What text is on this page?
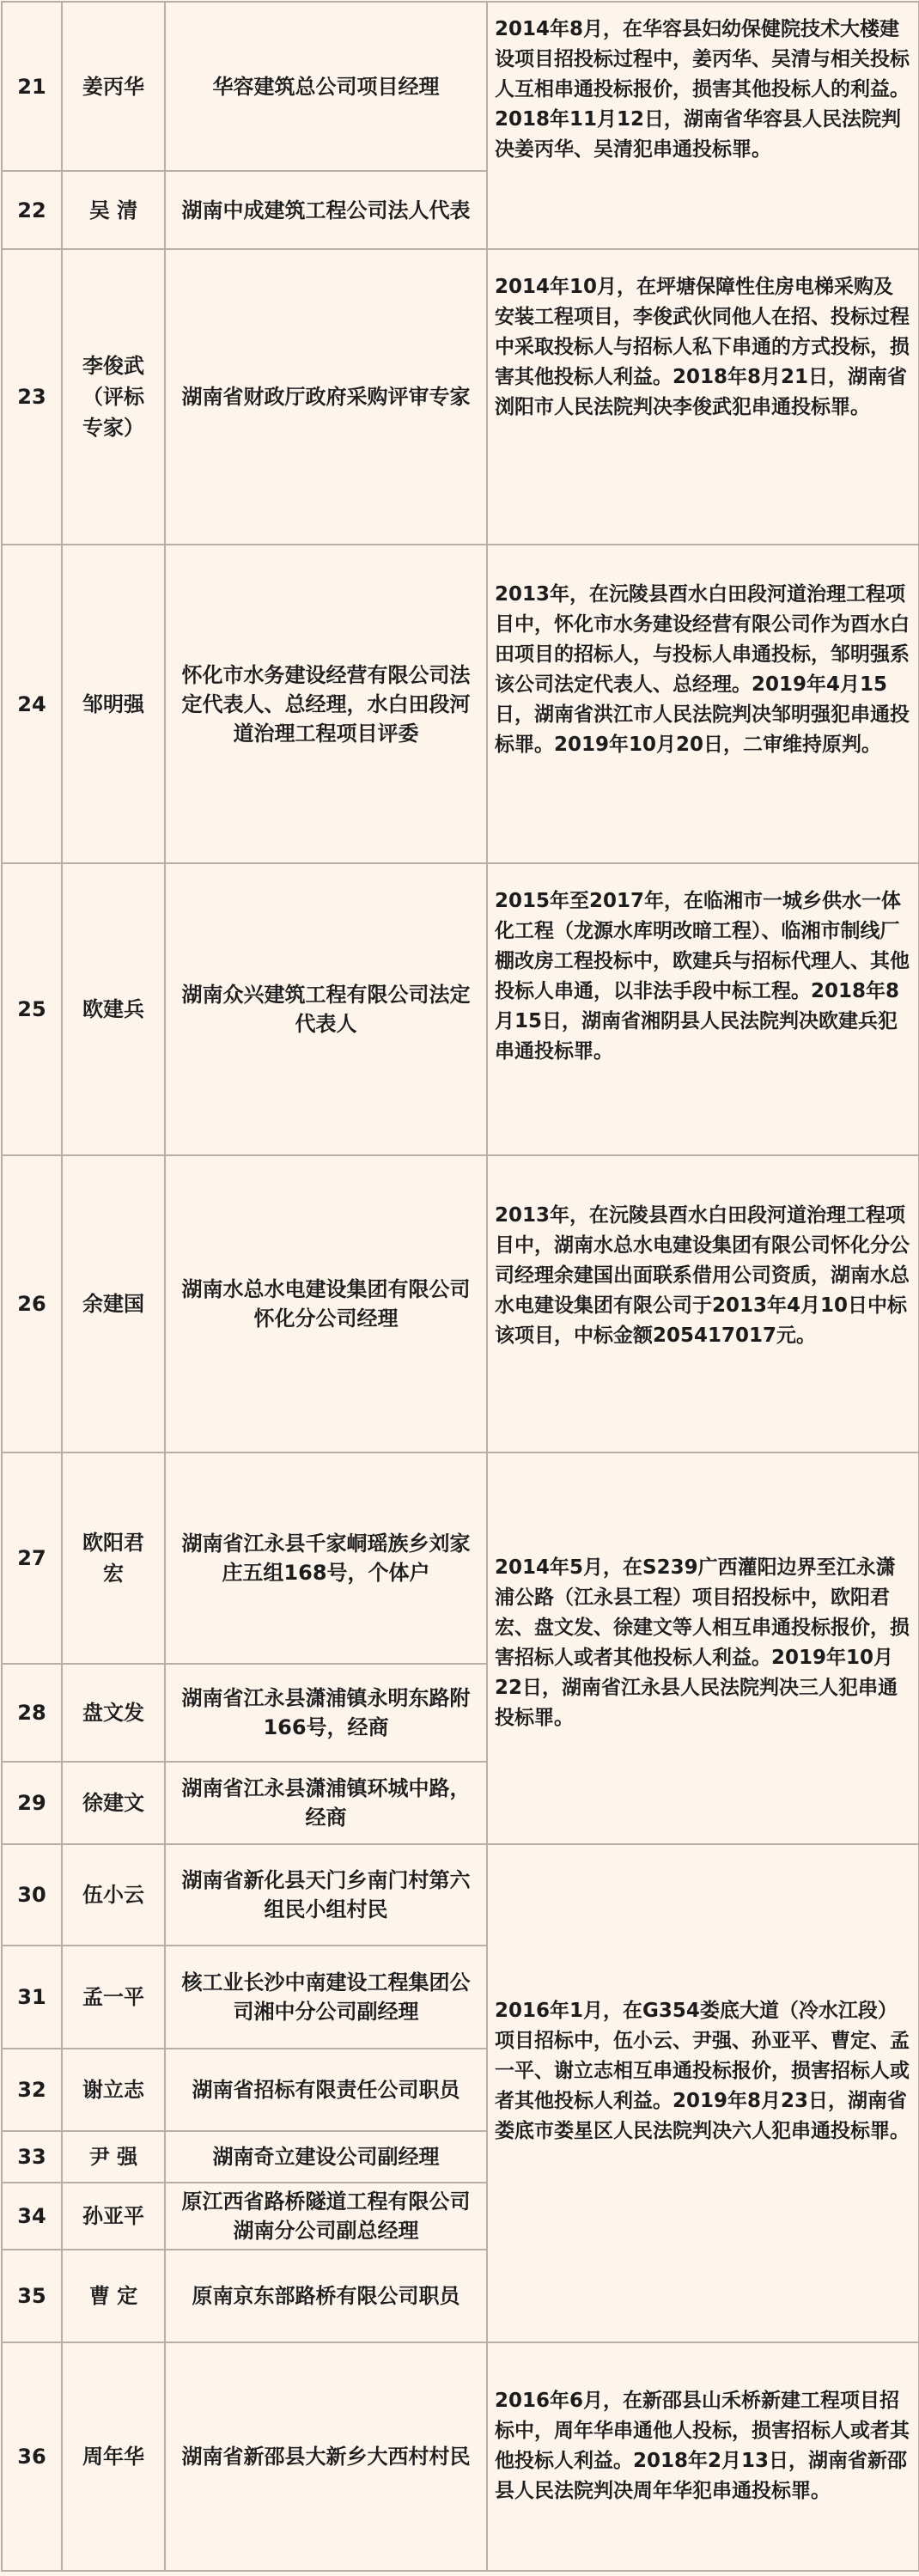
21	姜丙华	华容建筑总公司项目经理	2014年8月，在华容县妇幼保健院技术大楼建设项目招投标过程中，姜丙华、吴清与相关投标人互相串通投标报价，损害其他投标人的利益。2018年11月12日，湖南省华容县人民法院判决姜丙华、吴清犯串通投标罪。

22	吴 清	湖南中成建筑工程公司法人代表	
23	李俊武（评标专家）	湖南省财政厅政府采购评审专家	2014年10月，在坪塘保障性住房电梯采购及安装工程项目，李俊武伙同他人在招、投标过程中采取投标人与招标人私下串通的方式投标，损害其他投标人利益。2018年8月21日，湖南省浏阳市人民法院判决李俊武犯串通投标罪。

24	邹明强	怀化市水务建设经营有限公司法定代表人、总经理，水白田段河道治理工程项目评委	2013年，在沅陵县酉水白田段河道治理工程项目中，怀化市水务建设经营有限公司作为酉水白田项目的招标人，与投标人串通投标，邹明强系该公司法定代表人、总经理。2019年4月15日，湖南省洪江市人民法院判决邹明强犯串通投标罪。2019年10月20日，二审维持原判。

25	欧建兵	湖南众兴建筑工程有限公司法定代表人	2015年至2017年，在临湘市一城乡供水一体化工程（龙源水库明改暗工程）、临湘市制线厂棚改房工程投标中，欧建兵与招标代理人、其他投标人串通，以非法手段中标工程。2018年8月15日，湖南省湘阴县人民法院判决欧建兵犯串通投标罪。

26	余建国	湖南水总水电建设集团有限公司怀化分公司经理	2013年，在沅陵县酉水白田段河道治理工程项目中，湖南水总水电建设集团有限公司怀化分公司经理余建国出面联系借用公司资质，湖南水总水电建设集团有限公司于2013年4月10日中标该项目，中标金额205417017元。

27	欧阳君宏	湖南省江永县千家峒瑶族乡刘家庄五组168号，个体户	2014年5月，在S239广西灌阳边界至江永潇浦公路（江永县工程）项目招投标中，欧阳君宏、盘文发、徐建文等人相互串通投标报价，损害招标人或者其他投标人利益。2019年10月22日，湖南省江永县人民法院判决三人犯串通投标罪。

28	盘文发	湖南省江永县潇浦镇永明东路附166号，经商	
29	徐建文	湖南省江永县潇浦镇环城中路，经商	
30	伍小云	湖南省新化县天门乡南门村第六组民小组村民	2016年1月，在G354娄底大道（冷水江段）项目招标中，伍小云、尹强、孙亚平、曹定、孟一平、谢立志相互串通投标报价，损害招标人或者其他投标人利益。2019年8月23日，湖南省娄底市娄星区人民法院判决六人犯串通投标罪。

31	孟一平	核工业长沙中南建设工程集团公司湘中分公司副经理	
32	谢立志	湖南省招标有限责任公司职员	
33	尹 强	湖南奇立建设公司副经理	
34	孙亚平	原江西省路桥隧道工程有限公司湖南分公司副总经理	
35	曹 定	原南京东部路桥有限公司职员	
36	周年华	湖南省新邵县大新乡大西村村民	2016年6月，在新邵县山禾桥新建工程项目招标中，周年华串通他人投标，损害招标人或者其他投标人利益。2018年2月13日，湖南省新邵县人民法院判决周年华犯串通投标罪。
